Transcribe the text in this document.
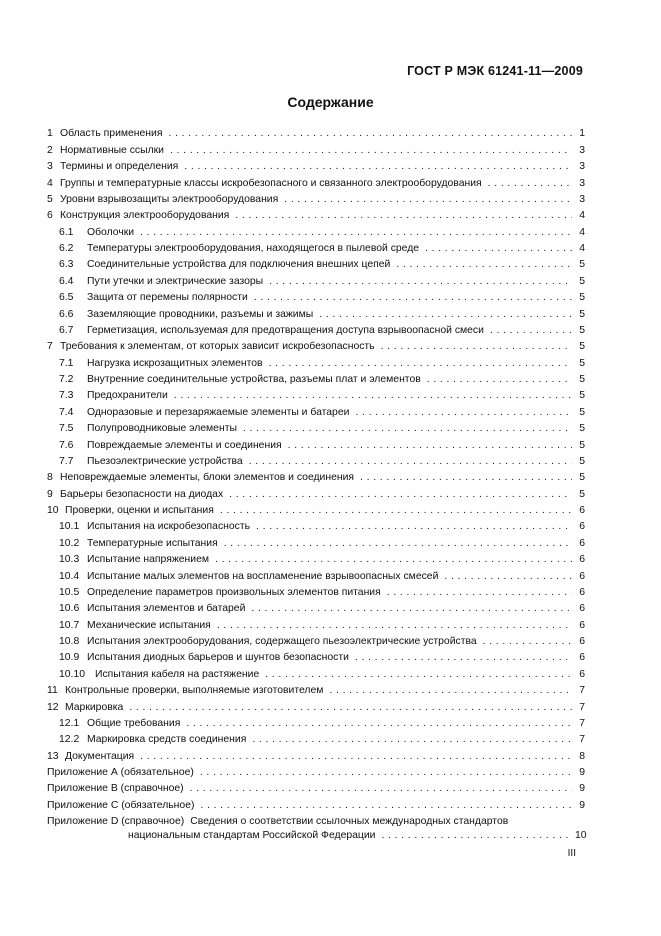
ГОСТ Р МЭК 61241-11—2009
Содержание
1 Область применения . . .	1
2 Нормативные ссылки . . .	3
3 Термины и определения . . .	3
4 Группы и температурные классы искробезопасного и связанного электрооборудования . . .	3
5 Уровни взрывозащиты электрооборудования . . .	3
6 Конструкция электрооборудования . . .	4
6.1	Оболочки . . .	4
6.2	Температуры электрооборудования, находящегося в пылевой среде . . .	4
6.3	Соединительные устройства для подключения внешних цепей . . .	5
6.4	Пути утечки и электрические зазоры . . .	5
6.5	Защита от перемены полярности . . .	5
6.6	Заземляющие проводники, разъемы и зажимы . . .	5
6.7	Герметизация, используемая для предотвращения доступа взрывоопасной смеси . . .	5
7 Требования к элементам, от которых зависит искробезопасность . . .	5
7.1	Нагрузка искрозащитных элементов . . .	5
7.2	Внутренние соединительные устройства, разъемы плат и элементов . . .	5
7.3	Предохранители . . .	5
7.4	Одноразовые и перезаряжаемые элементы и батареи . . .	5
7.5	Полупроводниковые элементы . . .	5
7.6	Повреждаемые элементы и соединения . . .	5
7.7	Пьезоэлектрические устройства . . .	5
8 Неповреждаемые элементы, блоки элементов и соединения . . .	5
9 Барьеры безопасности на диодах . . .	5
10 Проверки, оценки и испытания . . .	6
10.1 Испытания на искробезопасность . . .	6
10.2 Температурные испытания . . .	6
10.3 Испытание напряжением . . .	6
10.4 Испытание малых элементов на воспламенение взрывоопасных смесей . . .	6
10.5 Определение параметров произвольных элементов питания . . .	6
10.6 Испытания элементов и батарей . . .	6
10.7 Механические испытания . . .	6
10.8 Испытания электрооборудования, содержащего пьезоэлектрические устройства . . .	6
10.9 Испытания диодных барьеров и шунтов безопасности . . .	6
10.10 Испытания кабеля на растяжение . . .	6
11 Контрольные проверки, выполняемые изготовителем . . .	7
12 Маркировка . . .	7
12.1 Общие требования . . .	7
12.2 Маркировка средств соединения . . .	7
13 Документация . . .	8
Приложение А (обязательное) . . .	9
Приложение В (справочное) . . .	9
Приложение С (обязательное) . . .	9
Приложение D (справочное) Сведения о соответствии ссылочных международных стандартов
национальным стандартам Российской Федерации . . .	10
III
